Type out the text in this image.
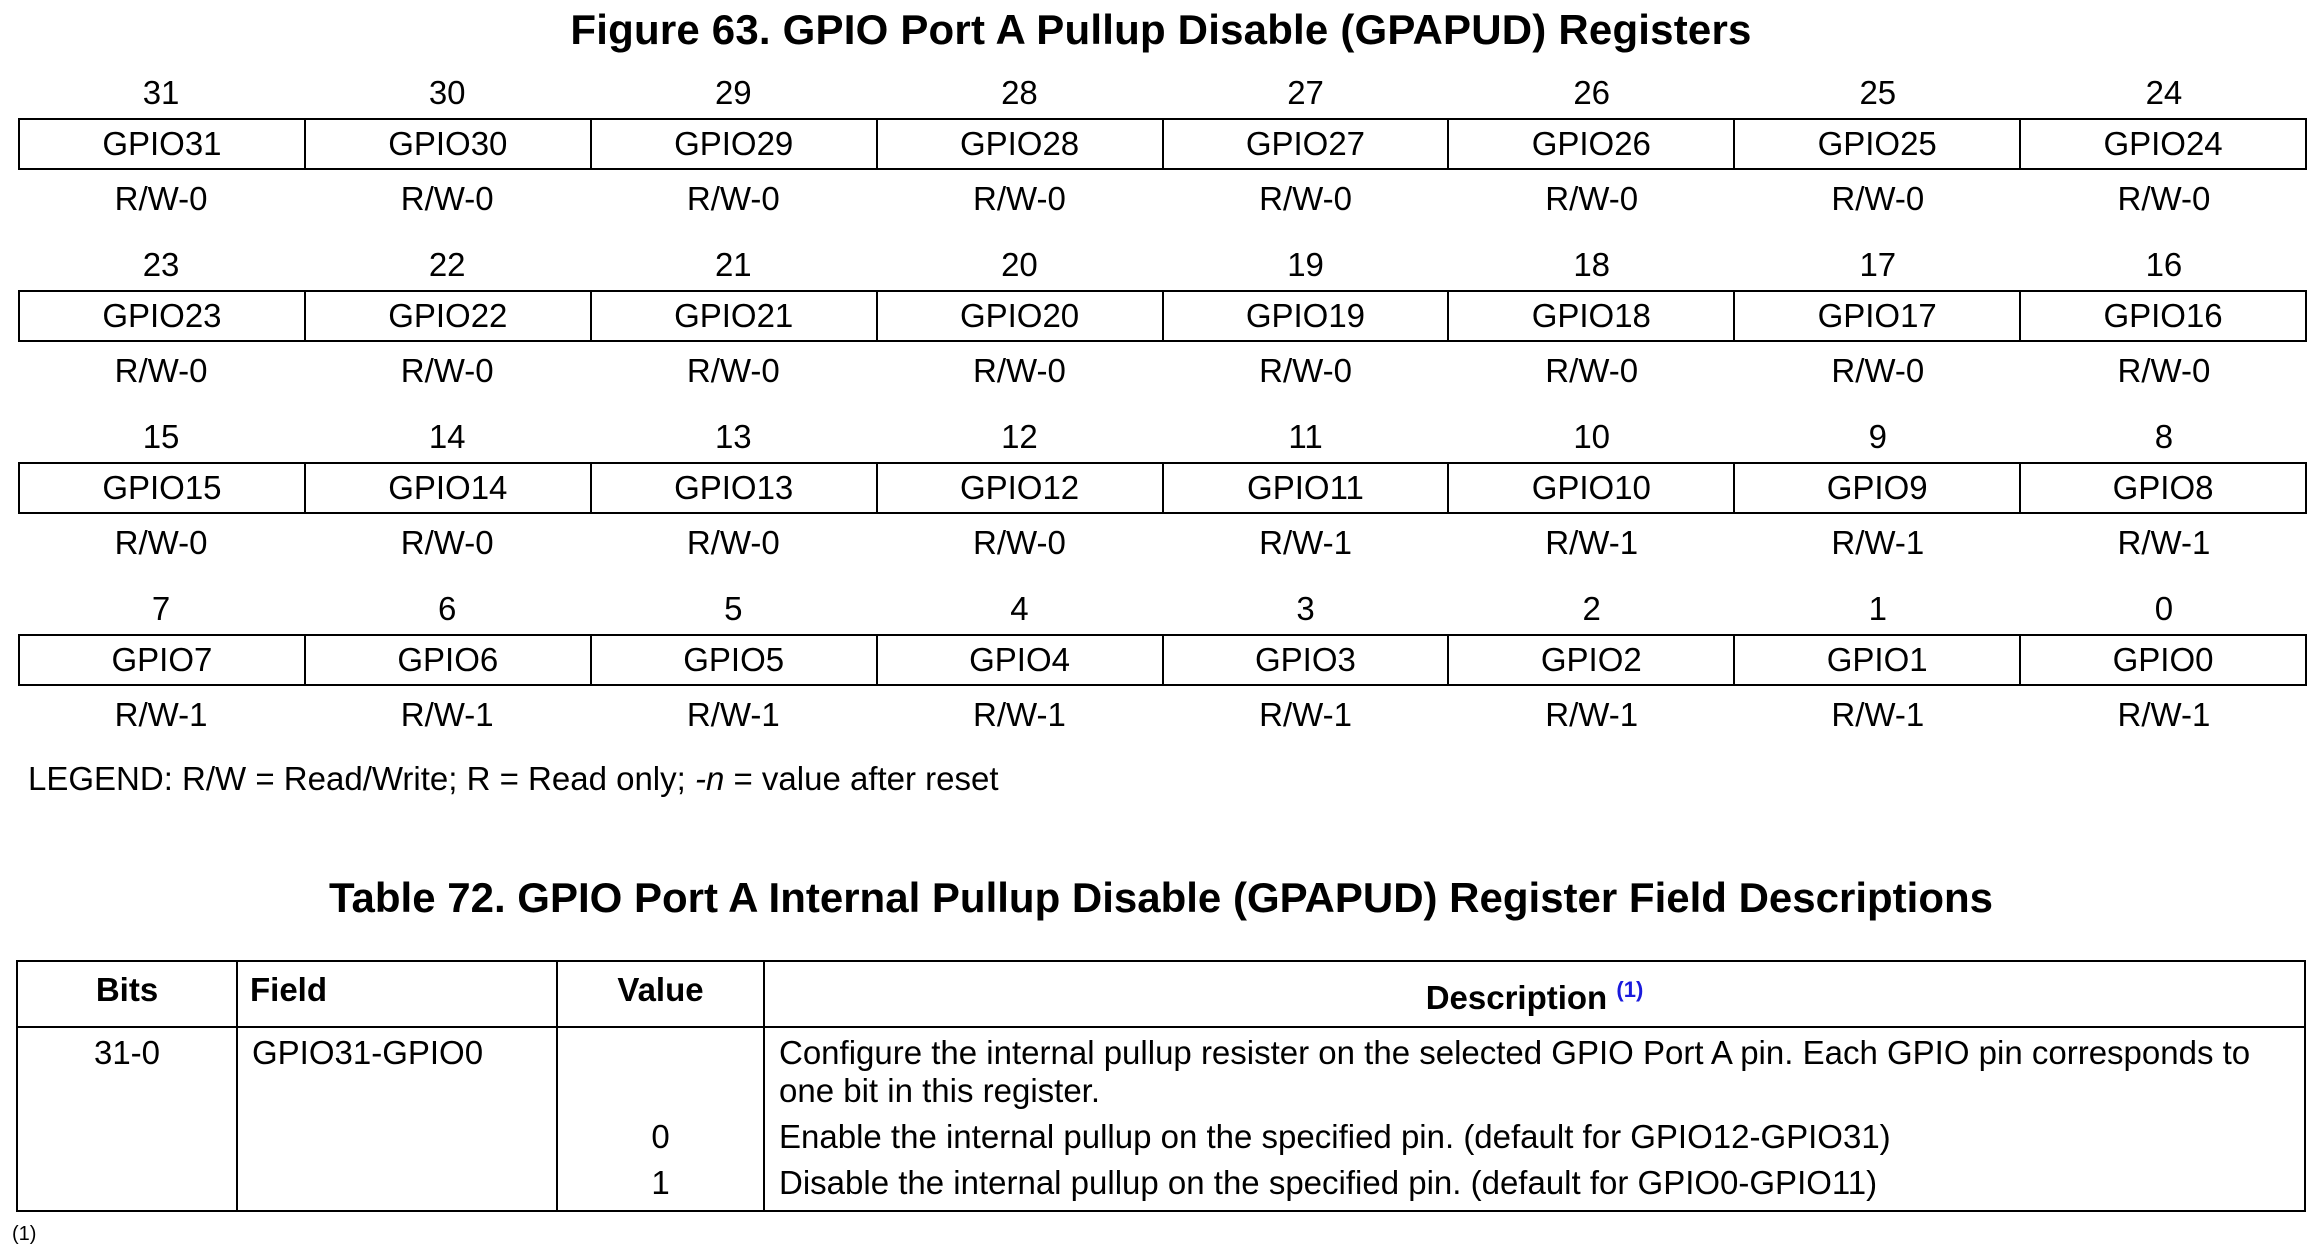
Figure 63. GPIO Port A Pullup Disable (GPAPUD) Registers
31	30	29	28	27	26	25	24
GPIO31	GPIO30	GPIO29	GPIO28	GPIO27	GPIO26	GPIO25	GPIO24
R/W-0	R/W-0	R/W-0	R/W-0	R/W-0	R/W-0	R/W-0	R/W-0
23	22	21	20	19	18	17	16
GPIO23	GPIO22	GPIO21	GPIO20	GPIO19	GPIO18	GPIO17	GPIO16
R/W-0	R/W-0	R/W-0	R/W-0	R/W-0	R/W-0	R/W-0	R/W-0
15	14	13	12	11	10	9	8
GPIO15	GPIO14	GPIO13	GPIO12	GPIO11	GPIO10	GPIO9	GPIO8
R/W-0	R/W-0	R/W-0	R/W-0	R/W-1	R/W-1	R/W-1	R/W-1
7	6	5	4	3	2	1	0
GPIO7	GPIO6	GPIO5	GPIO4	GPIO3	GPIO2	GPIO1	GPIO0
R/W-1	R/W-1	R/W-1	R/W-1	R/W-1	R/W-1	R/W-1	R/W-1
LEGEND: R/W = Read/Write; R = Read only; -n = value after reset
Table 72. GPIO Port A Internal Pullup Disable (GPAPUD) Register Field Descriptions
Bits	Field	Value	Description $^{(1)}$
31-0	GPIO31-GPIO0		Configure the internal pullup resister on the selected GPIO Port A pin. Each GPIO pin corresponds to one bit in this register.
		0	Enable the internal pullup on the specified pin. (default for GPIO12-GPIO31)
		1	Disable the internal pullup on the specified pin. (default for GPIO0-GPIO11)
(1)
